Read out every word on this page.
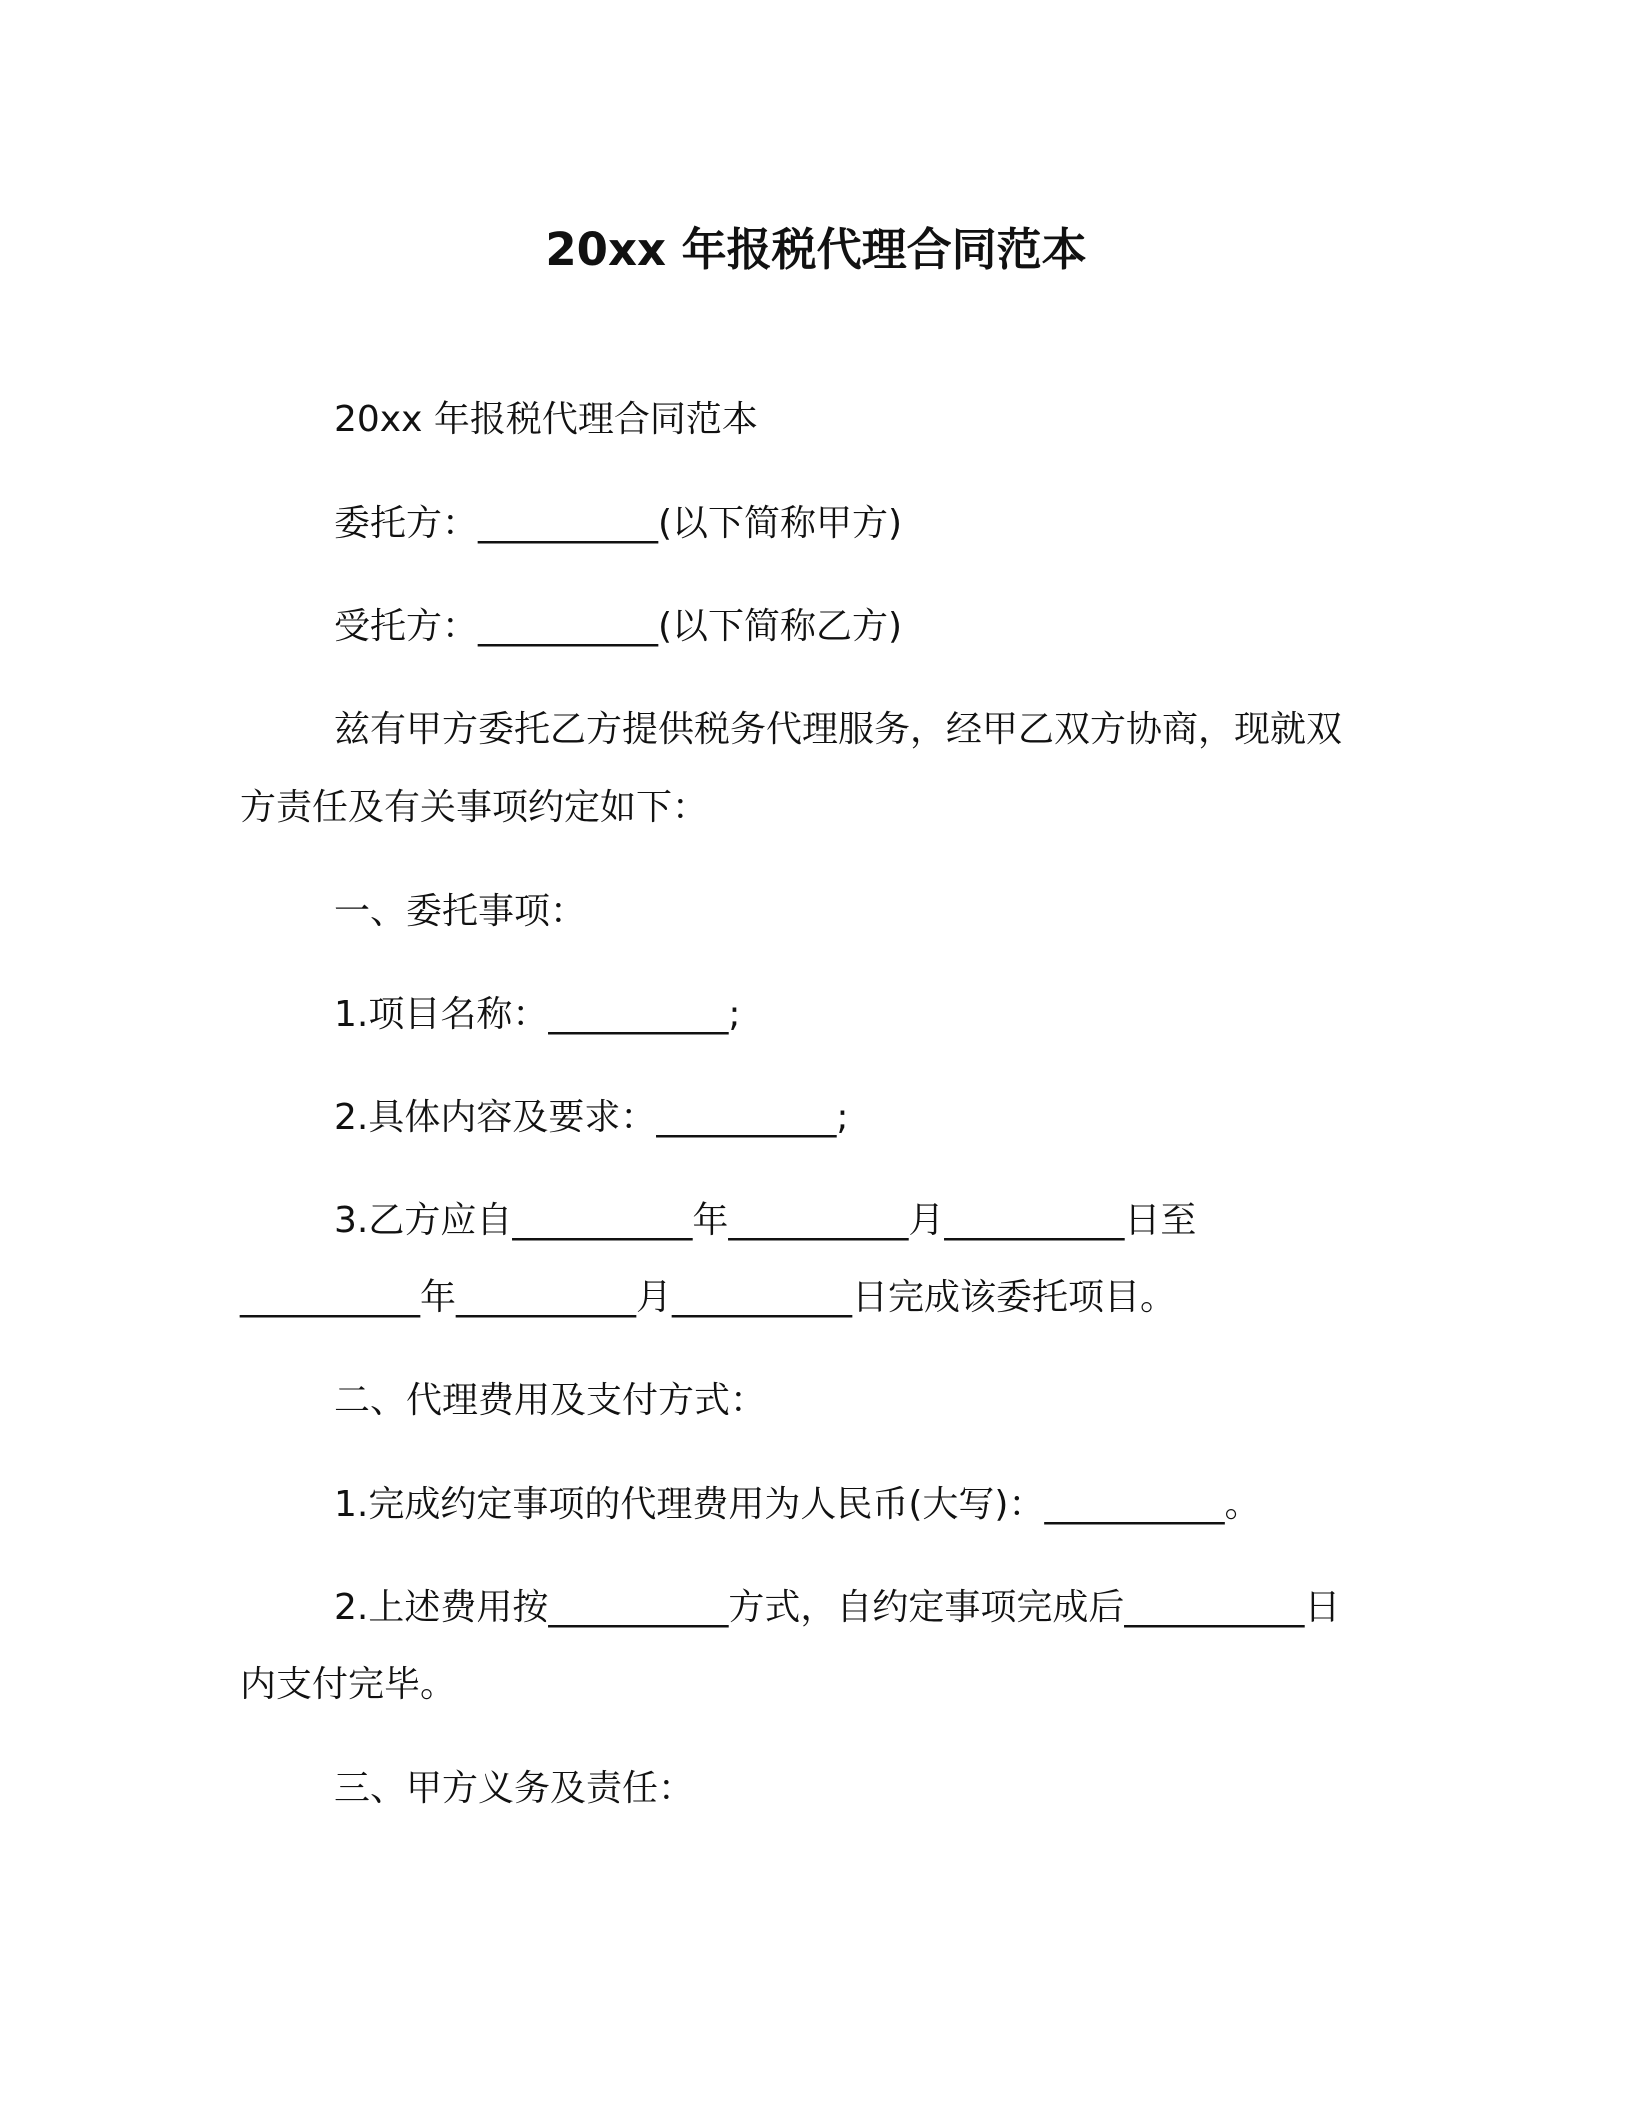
20xx 年报税代理合同范本
20xx 年报税代理合同范本
委托方：__________(以下简称甲方)
受托方：__________(以下简称乙方)
兹有甲方委托乙方提供税务代理服务，经甲乙双方协商，现就双
方责任及有关事项约定如下：
一、委托事项：
1.项目名称：__________;
2.具体内容及要求：__________;
3.乙方应自__________年__________月__________日至
__________年__________月__________日完成该委托项目。
二、代理费用及支付方式：
1.完成约定事项的代理费用为人民币(大写)：__________。
2.上述费用按__________方式，自约定事项完成后__________日
内支付完毕。
三、甲方义务及责任：
